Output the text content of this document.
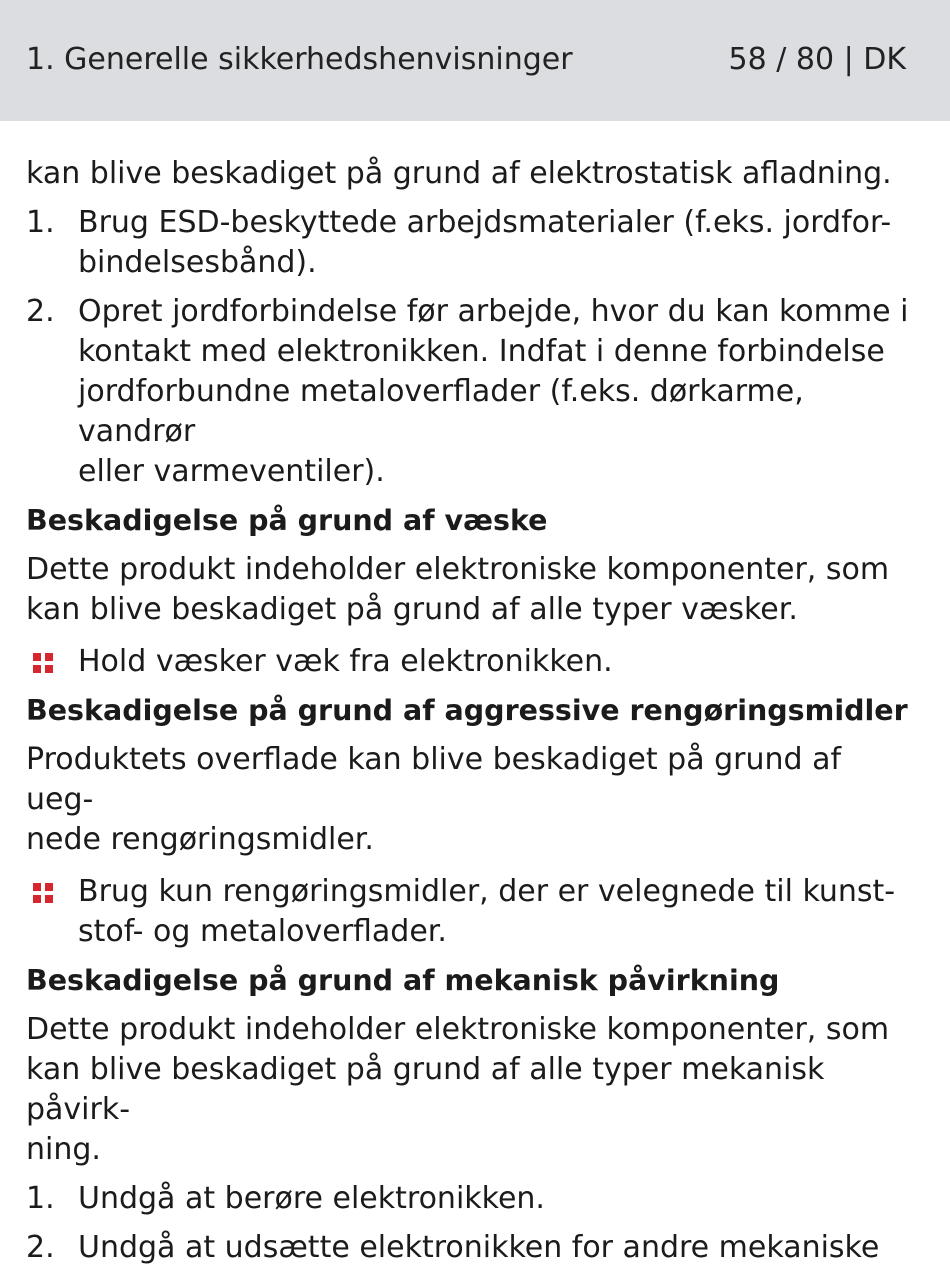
1. Generelle sikkerhedshenvisninger	58 / 80 | DK
kan blive beskadiget på grund af elektrostatisk afladning.
1. Brug ESD-beskyttede arbejdsmaterialer (f.eks. jordfor-
bindelsesbånd).
2. Opret jordforbindelse før arbejde, hvor du kan komme i
kontakt med elektronikken. Indfat i denne forbindelse
jordforbundne metaloverflader (f.eks. dørkarme, vandrør
eller varmeventiler).
Beskadigelse på grund af væske
Dette produkt indeholder elektroniske komponenter, som
kan blive beskadiget på grund af alle typer væsker.
Hold væsker væk fra elektronikken.
Beskadigelse på grund af aggressive rengøringsmidler
Produktets overflade kan blive beskadiget på grund af ueg-
nede rengøringsmidler.
Brug kun rengøringsmidler, der er velegnede til kunst-
stof- og metaloverflader.
Beskadigelse på grund af mekanisk påvirkning
Dette produkt indeholder elektroniske komponenter, som
kan blive beskadiget på grund af alle typer mekanisk påvirk-
ning.
1. Undgå at berøre elektronikken.
2. Undgå at udsætte elektronikken for andre mekaniske
